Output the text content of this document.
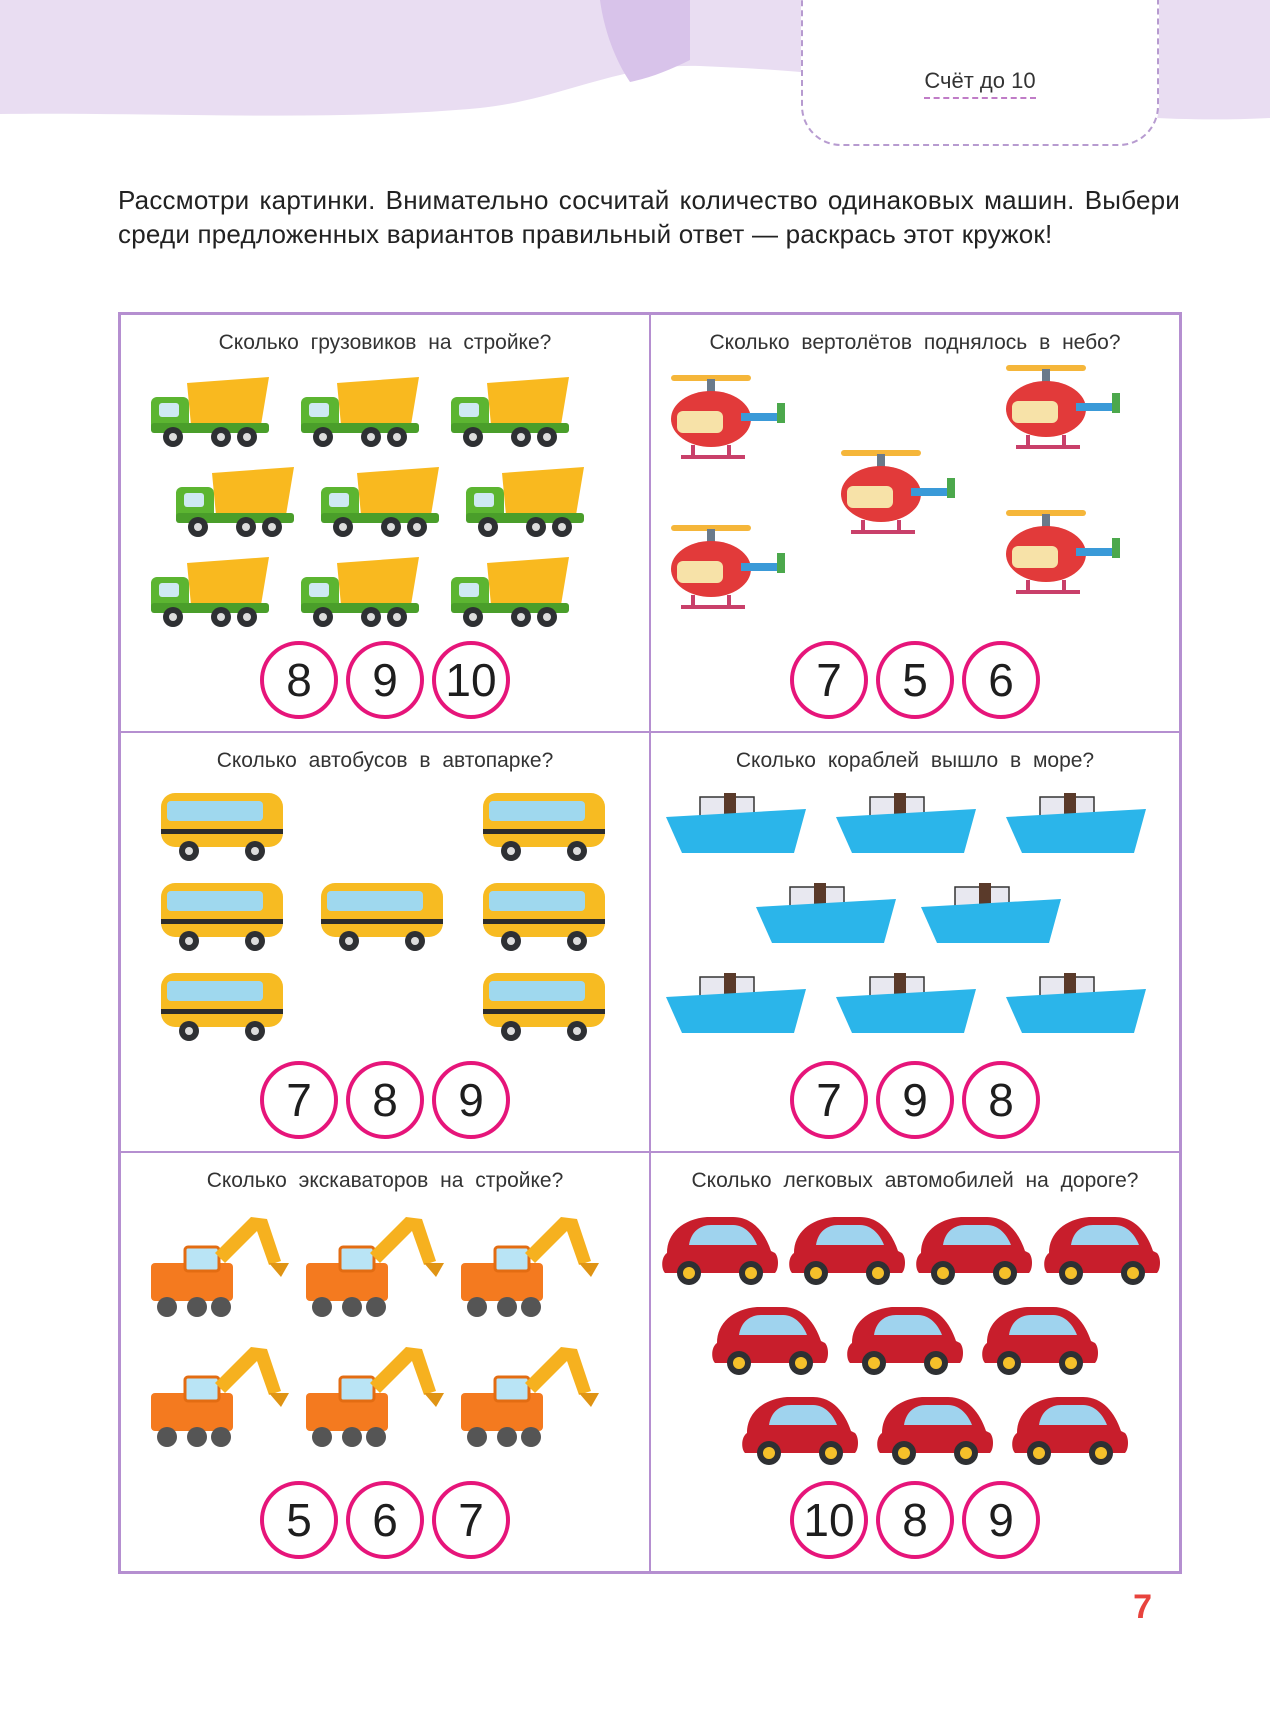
Счёт до 10
Рассмотри картинки. Внимательно сосчитай количество одинаковых машин. Выбери среди предложенных вариантов правильный ответ — раскрась этот кружок!
Сколько грузовиков на стройке?
8	9	10
Сколько вертолётов поднялось в небо?
7	5	6
Сколько автобусов в автопарке?
7	8	9
Сколько кораблей вышло в море?
7	9	8
Сколько экскаваторов на стройке?
5	6	7
Сколько легковых автомобилей на дороге?
10	8	9
7
